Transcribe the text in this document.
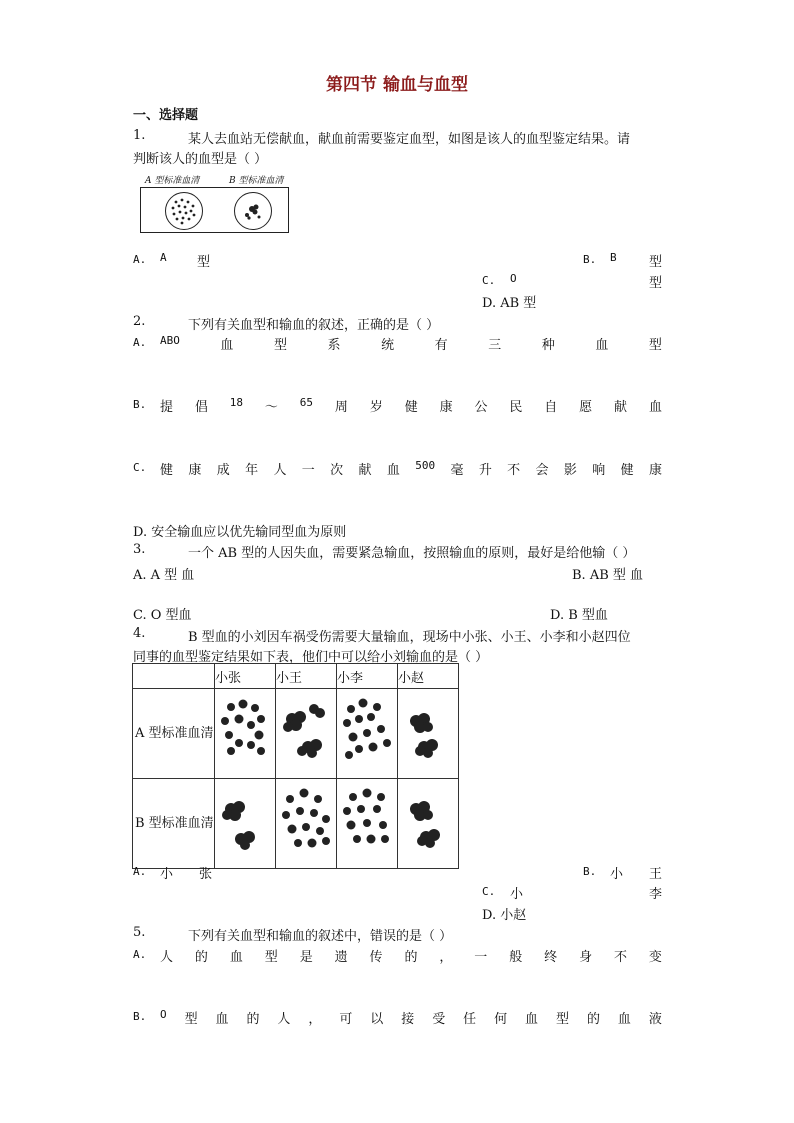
第四节 输血与血型
一、选择题
1.	某人去血站无偿献血，献血前需要鉴定血型，如图是该人的血型鉴定结果。请
判断该人的血型是（ ）
A 型标准血清	B 型标准血清
A. A 型	B. B 型
C. O	型
D. AB 型
2.	下列有关血型和输血的叙述，正确的是（ ）
A. ABO	血	型	系	统	有	三	种	血	型
B. 提 倡 18 ～ 65 周 岁 健 康 公 民 自 愿 献 血
C. 健 康 成 年 人 一 次 献 血 500 毫 升 不 会 影 响 健 康
D. 安全输血应以优先输同型血为原则
3.	一个 AB 型的人因失血，需要紧急输血，按照输血的原则，最好是给他输（ ）
A. A 型 血	B. AB 型 血
C. O 型血	D. B 型血
4.	B 型血的小刘因车祸受伤需要大量输血，现场中小张、小王、小李和小赵四位
同事的血型鉴定结果如下表，他们中可以给小刘输血的是（ ）
	小张	小王	小李	小赵
A 型标准血清				
B 型标准血清				
A. 小 张	B. 小 王
C. 小	李
D. 小赵
5.	下列有关血型和输血的叙述中，错误的是（ ）
A. 人 的 血 型 是 遗 传 的 ， 一 般 终 身 不 变
B. O 型 血 的 人 ， 可 以 接 受 任 何 血 型 的 血 液
